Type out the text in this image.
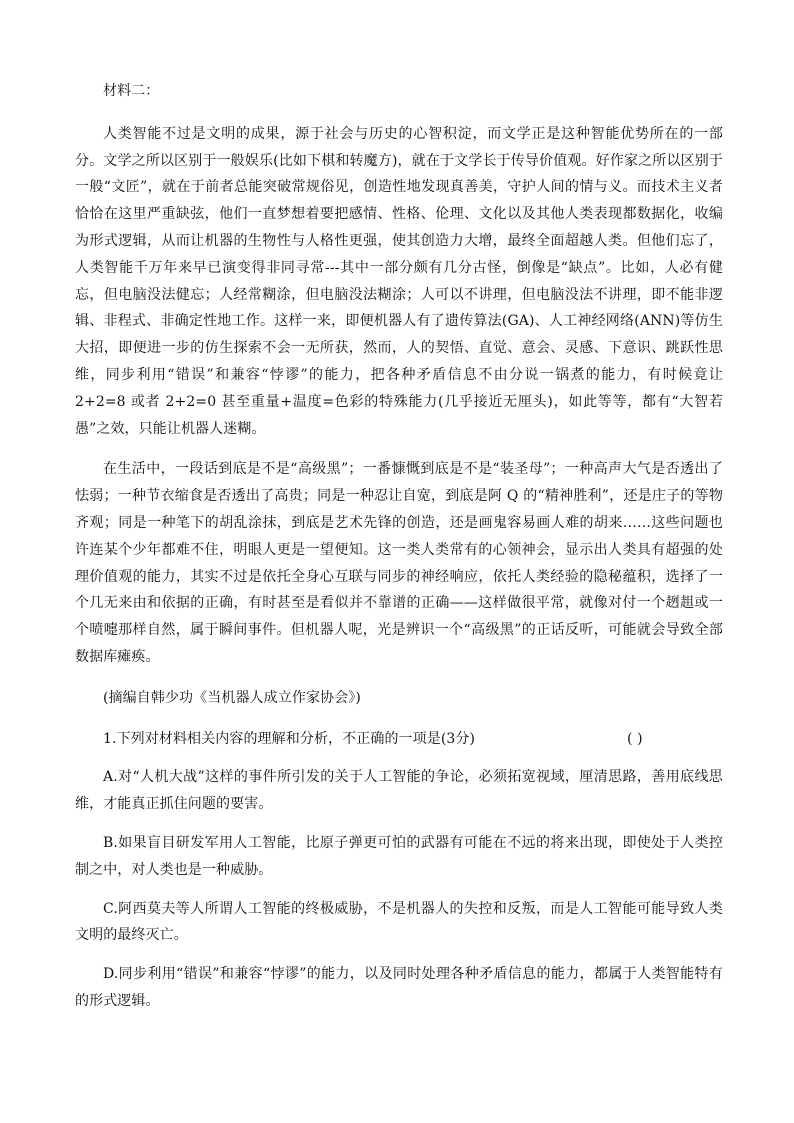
材料二：

人类智能不过是文明的成果，源于社会与历史的心智积淀，而文学正是这种智能优势所在的一部分。文学之所以区别于一般娱乐(比如下棋和转魔方)，就在于文学长于传导价值观。好作家之所以区别于一般“文匠”，就在于前者总能突破常规俗见，创造性地发现真善美，守护人间的情与义。而技术主义者恰恰在这里严重缺弦，他们一直梦想着要把感情、性格、伦理、文化以及其他人类表现都数据化，收编为形式逻辑，从而让机器的生物性与人格性更强，使其创造力大增，最终全面超越人类。但他们忘了，人类智能千万年来早已演变得非同寻常---其中一部分颇有几分古怪，倒像是“缺点”。比如，人必有健忘，但电脑没法健忘；人经常糊涂，但电脑没法糊涂；人可以不讲理，但电脑没法不讲理，即不能非逻辑、非程式、非确定性地工作。这样一来，即便机器人有了遗传算法(GA)、人工神经网络(ANN)等仿生大招，即便进一步的仿生探索不会一无所获，然而，人的契悟、直觉、意会、灵感、下意识、跳跃性思维，同步利用“错误”和兼容“悖谬”的能力，把各种矛盾信息不由分说一锅煮的能力，有时候竟让 2+2=8 或者 2+2=0 甚至重量+温度=色彩的特殊能力(几乎接近无厘头)，如此等等，都有“大智若愚”之效，只能让机器人迷糊。

在生活中，一段话到底是不是“高级黑”；一番慷慨到底是不是“装圣母”；一种高声大气是否透出了怯弱；一种节衣缩食是否透出了高贵；同是一种忍让自宽，到底是阿 Q 的“精神胜利”，还是庄子的等物齐观；同是一种笔下的胡乱涂抹，到底是艺术先锋的创造，还是画鬼容易画人难的胡来……这些问题也许连某个少年都难不住，明眼人更是一望便知。这一类人类常有的心领神会，显示出人类具有超强的处理价值观的能力，其实不过是依托全身心互联与同步的神经响应，依托人类经验的隐秘蕴积，选择了一个几无来由和依据的正确，有时甚至是看似并不靠谱的正确——这样做很平常，就像对付一个趔趄或一个喷嚏那样自然，属于瞬间事件。但机器人呢，光是辨识一个“高级黑”的正话反听，可能就会导致全部数据库瘫痪。

(摘编自韩少功《当机器人成立作家协会》)
1.下列对材料相关内容的理解和分析，不正确的一项是(3分)	( )

A.对“人机大战”这样的事件所引发的关于人工智能的争论，必须拓宽视域，厘清思路，善用底线思维，才能真正抓住问题的要害。

B.如果盲目研发军用人工智能，比原子弹更可怕的武器有可能在不远的将来出现，即使处于人类控制之中，对人类也是一种威胁。

C.阿西莫夫等人所谓人工智能的终极威胁，不是机器人的失控和反叛，而是人工智能可能导致人类文明的最终灭亡。

D.同步利用“错误”和兼容“悖谬”的能力，以及同时处理各种矛盾信息的能力，都属于人类智能特有的形式逻辑。
